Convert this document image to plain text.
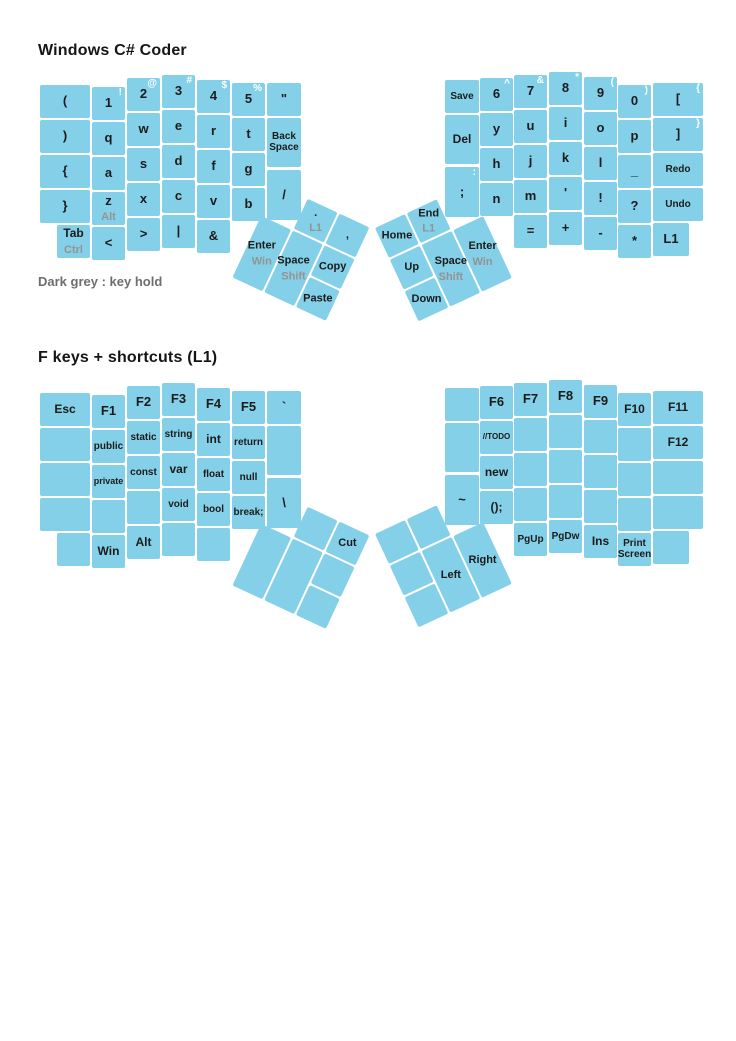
Windows C# Coder
Dark grey : key hold
F keys + shortcuts (L1)
(
!
1
@
2
#
3	$
4	%
5 "
)	q
w e r t	Back Space
{	a
s d f g
}	z
Alt
x c v b
/
Tab
Ctrl <
> | &
Save
^
6
&
7
*
8	(
9	)
0
{
[
Del
y u i o
p
}
]
h j k l
_	Redo
:
; n m ' !
?	Undo
= + -
* L1
.
L1
,
Enter
Win Space
Shift
Copy
Paste
Home
End
L1
Up
Down
Space
Shift
Enter
Win
Esc F1
F2 F3 F4 F5 `
public
static string int return
private
const var float null
void bool break;
\
Win
Alt
F6 F7 F8 F9
F10 F11
//TODO	F12
new
~
();
PgUp PgDw Ins	Print Screen
Cut
Left
Right
